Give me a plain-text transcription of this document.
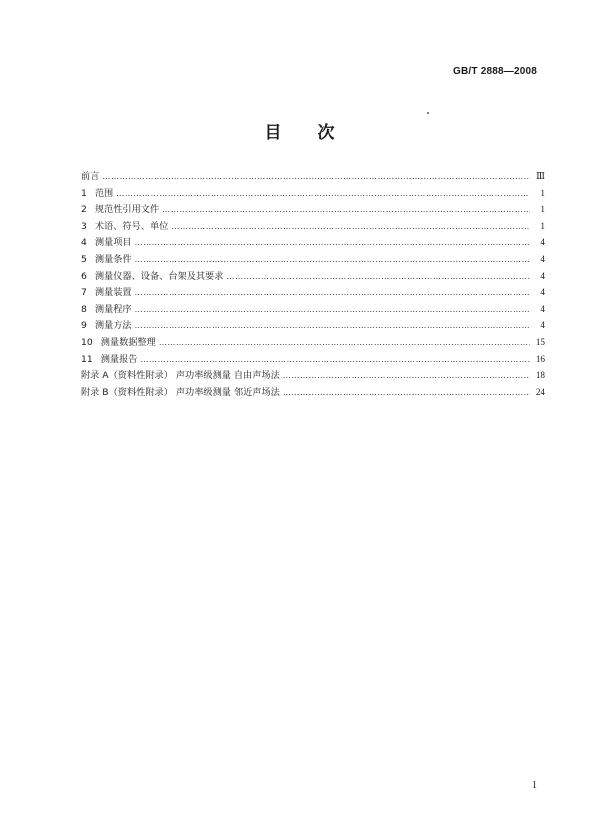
GB/T 2888—2008
目次
前言 …………………………………………………………………………………………………………………………………………………………………………………………………………	Ⅲ
1 范围 …………………………………………………………………………………………………………………………………………………………………………………………………………	1
2 规范性引用文件 …………………………………………………………………………………………………………………………………………………………………………………………………………	1
3 术语、符号、单位 …………………………………………………………………………………………………………………………………………………………………………………………………………	1
4 测量项目 …………………………………………………………………………………………………………………………………………………………………………………………………………	4
5 测量条件 …………………………………………………………………………………………………………………………………………………………………………………………………………	4
6 测量仪器、设备、台架及其要求 …………………………………………………………………………………………………………………………………………………………………………………………………………	4
7 测量装置 …………………………………………………………………………………………………………………………………………………………………………………………………………	4
8 测量程序 …………………………………………………………………………………………………………………………………………………………………………………………………………	4
9 测量方法 …………………………………………………………………………………………………………………………………………………………………………………………………………	4
10 测量数据整理 …………………………………………………………………………………………………………………………………………………………………………………………………………	15
11 测量报告 …………………………………………………………………………………………………………………………………………………………………………………………………………	16
附录 A（资料性附录） 声功率级测量 自由声场法 …………………………………………………………………………………………………………………………………………………………………………………………………………	18
附录 B（资料性附录） 声功率级测量 邻近声场法 …………………………………………………………………………………………………………………………………………………………………………………………………………	24
1
